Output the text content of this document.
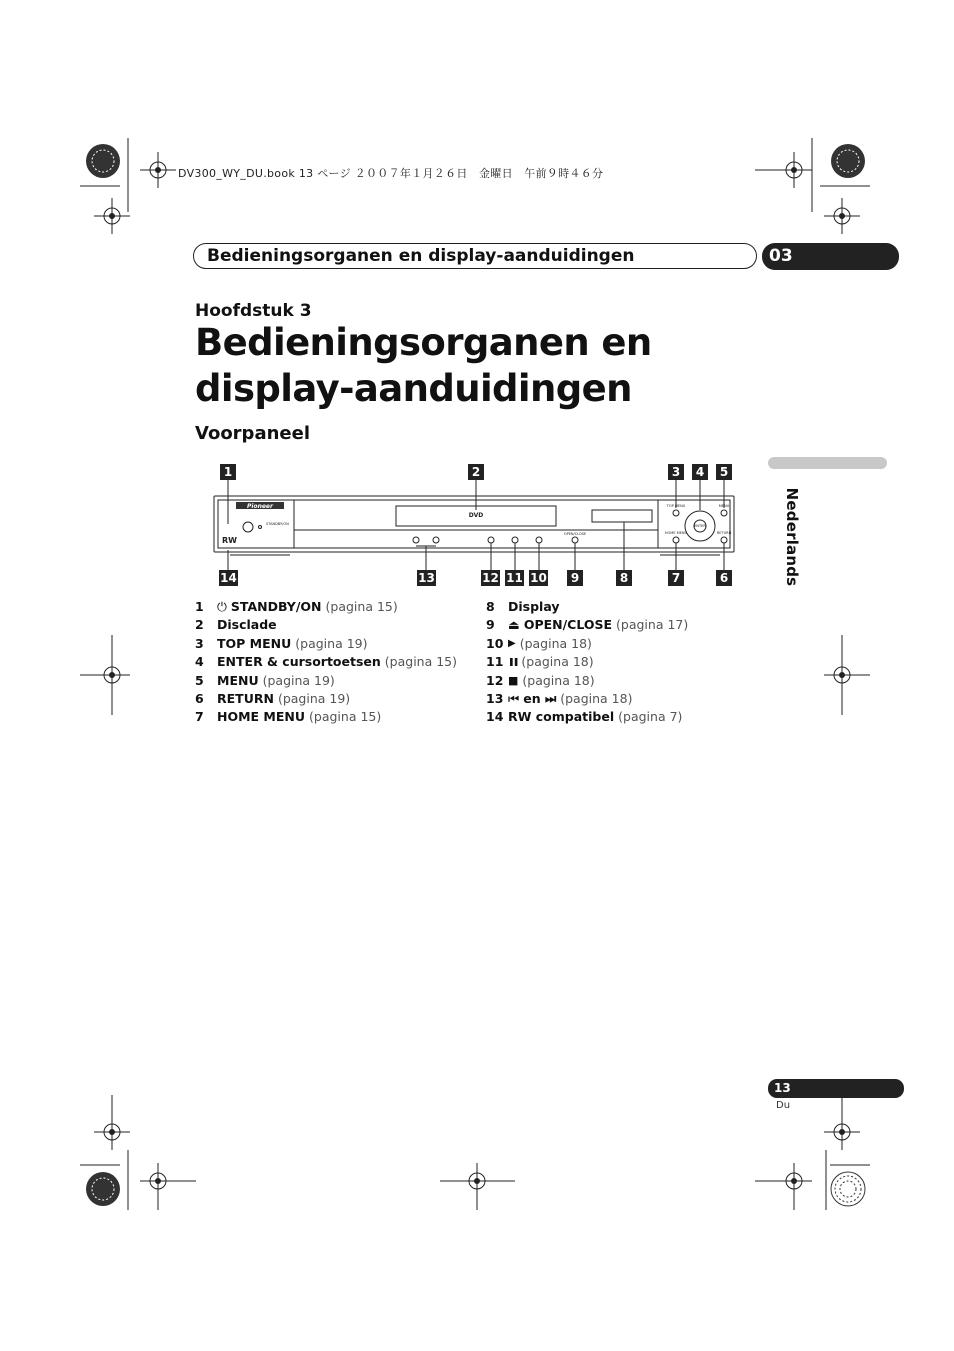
DV300_WY_DU.book 13 ページ ２００７年１月２６日　金曜日　午前９時４６分
Bedieningsorganen en display-aanduidingen	03
Hoofdstuk 3
Bedieningsorganen en display-aanduidingen
Voorpaneel
Nederlands
1	2	3	4	5
Pioneer
DVD
RW
STANDBY/ON
TOP MENU	MENU
ENTER
HOME MENU	RETURN
OPEN/CLOSE
14	13	12 11 10	9	8	7	6
1	⏻ STANDBY/ON (pagina 15)
2	Disclade
3	TOP MENU (pagina 19)
4	ENTER & cursortoetsen (pagina 15)
5	MENU (pagina 19)
6	RETURN (pagina 19)
7	HOME MENU (pagina 15)
8	Display
9	⏏ OPEN/CLOSE (pagina 17)
10 ▶ (pagina 18)
11 ❚❚ (pagina 18)
12 ■ (pagina 18)
13 ⏮ en ⏭ (pagina 18)
14 RW compatibel (pagina 7)
13
Du
